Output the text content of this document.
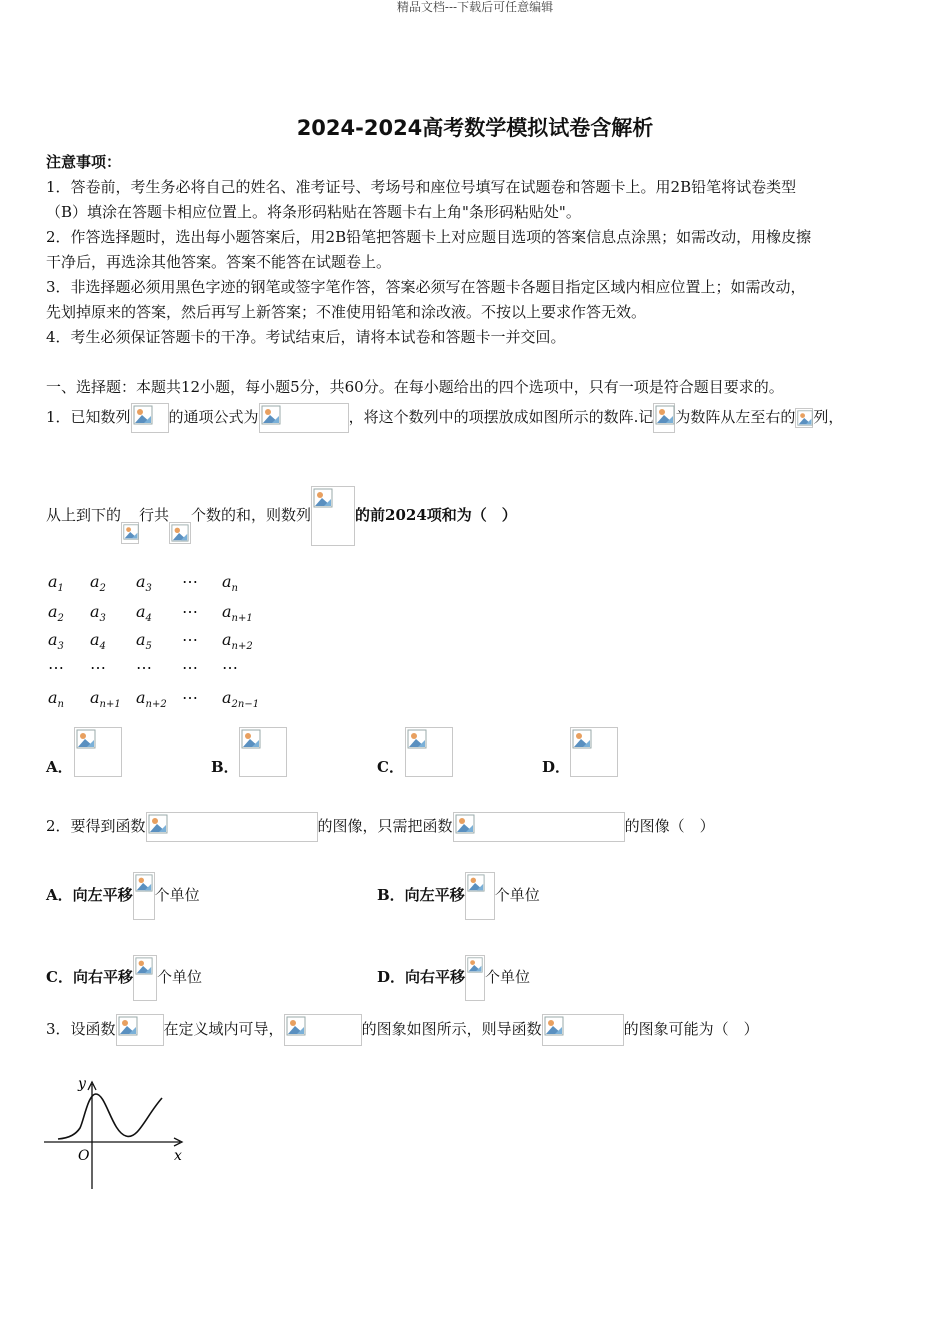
精品文档---下载后可任意编辑
2024-2024高考数学模拟试卷含解析
注意事项：
1．答卷前，考生务必将自己的姓名、准考证号、考场号和座位号填写在试题卷和答题卡上。用2B铅笔将试卷类型
（B）填涂在答题卡相应位置上。将条形码粘贴在答题卡右上角"条形码粘贴处"。
2．作答选择题时，选出每小题答案后，用2B铅笔把答题卡上对应题目选项的答案信息点涂黑；如需改动，用橡皮擦
干净后，再选涂其他答案。答案不能答在试题卷上。
3．非选择题必须用黑色字迹的钢笔或签字笔作答，答案必须写在答题卡各题目指定区域内相应位置上；如需改动，
先划掉原来的答案，然后再写上新答案；不准使用铅笔和涂改液。不按以上要求作答无效。
4．考生必须保证答题卡的干净。考试结束后，请将本试卷和答题卡一并交回。
一、选择题：本题共12小题，每小题5分，共60分。在每小题给出的四个选项中，只有一项是符合题目要求的。
1．已知数列	的通项公式为	，将这个数列中的项摆放成如图所示的数阵.记 为数阵从左至右的 列，
从上到下的 行共 个数的和，则数列	的前2024项和为（　）
$a_1$ $a_2$ $a_3$ ⋯ $a_n$
$a_2$ $a_3$ $a_4$ ⋯ $a_{n+1}$
$a_3$ $a_4$ $a_5$ ⋯ $a_{n+2}$
⋯ ⋯ ⋯ ⋯ ⋯
$a_n$ $a_{n+1}$ $a_{n+2}$ ⋯ $a_{2n-1}$
A．	B．	C．	D．
2．要得到函数	的图像，只需把函数	的图像（　）
A．向左平移 个单位	B．向左平移 个单位
C．向右平移 个单位	D．向右平移 个单位
3．设函数	在定义域内可导，	的图象如图所示，则导函数	的图象可能为（　）
y
x
O
